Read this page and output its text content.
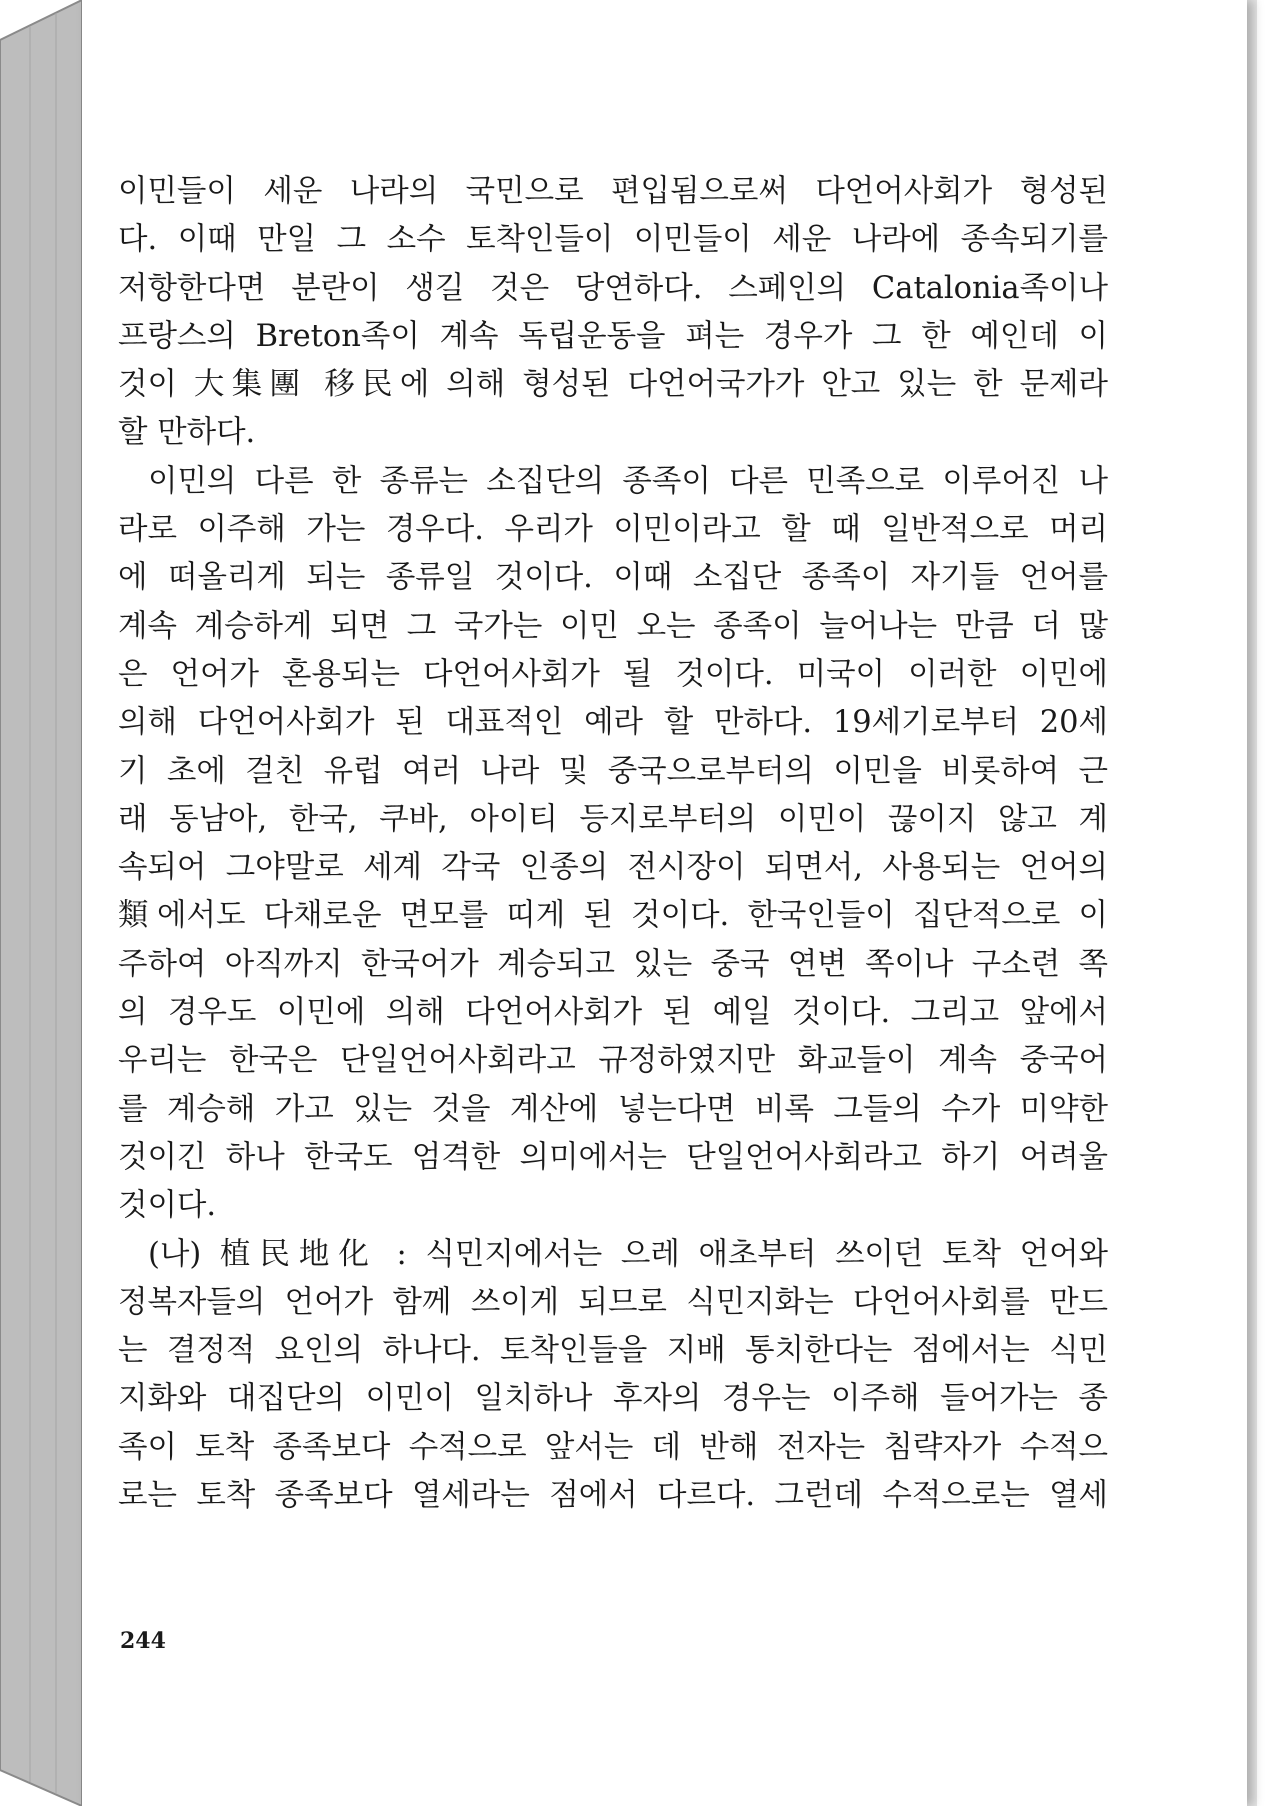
이민들이 세운 나라의 국민으로 편입됨으로써 다언어사회가 형성된
다. 이때 만일 그 소수 토착인들이 이민들이 세운 나라에 종속되기를
저항한다면 분란이 생길 것은 당연하다. 스페인의 Catalonia족이나
프랑스의 Breton족이 계속 독립운동을 펴는 경우가 그 한 예인데 이
것이 大集團 移民에 의해 형성된 다언어국가가 안고 있는 한 문제라
할 만하다.
이민의 다른 한 종류는 소집단의 종족이 다른 민족으로 이루어진 나
라로 이주해 가는 경우다. 우리가 이민이라고 할 때 일반적으로 머리
에 떠올리게 되는 종류일 것이다. 이때 소집단 종족이 자기들 언어를
계속 계승하게 되면 그 국가는 이민 오는 종족이 늘어나는 만큼 더 많
은 언어가 혼용되는 다언어사회가 될 것이다. 미국이 이러한 이민에
의해 다언어사회가 된 대표적인 예라 할 만하다. 19세기로부터 20세
기 초에 걸친 유럽 여러 나라 및 중국으로부터의 이민을 비롯하여 근
래 동남아, 한국, 쿠바, 아이티 등지로부터의 이민이 끊이지 않고 계
속되어 그야말로 세계 각국 인종의 전시장이 되면서, 사용되는 언어의
類에서도 다채로운 면모를 띠게 된 것이다. 한국인들이 집단적으로 이
주하여 아직까지 한국어가 계승되고 있는 중국 연변 쪽이나 구소련 쪽
의 경우도 이민에 의해 다언어사회가 된 예일 것이다. 그리고 앞에서
우리는 한국은 단일언어사회라고 규정하였지만 화교들이 계속 중국어
를 계승해 가고 있는 것을 계산에 넣는다면 비록 그들의 수가 미약한
것이긴 하나 한국도 엄격한 의미에서는 단일언어사회라고 하기 어려울
것이다.
(나) 植民地化 : 식민지에서는 으레 애초부터 쓰이던 토착 언어와
정복자들의 언어가 함께 쓰이게 되므로 식민지화는 다언어사회를 만드
는 결정적 요인의 하나다. 토착인들을 지배 통치한다는 점에서는 식민
지화와 대집단의 이민이 일치하나 후자의 경우는 이주해 들어가는 종
족이 토착 종족보다 수적으로 앞서는 데 반해 전자는 침략자가 수적으
로는 토착 종족보다 열세라는 점에서 다르다. 그런데 수적으로는 열세
244
